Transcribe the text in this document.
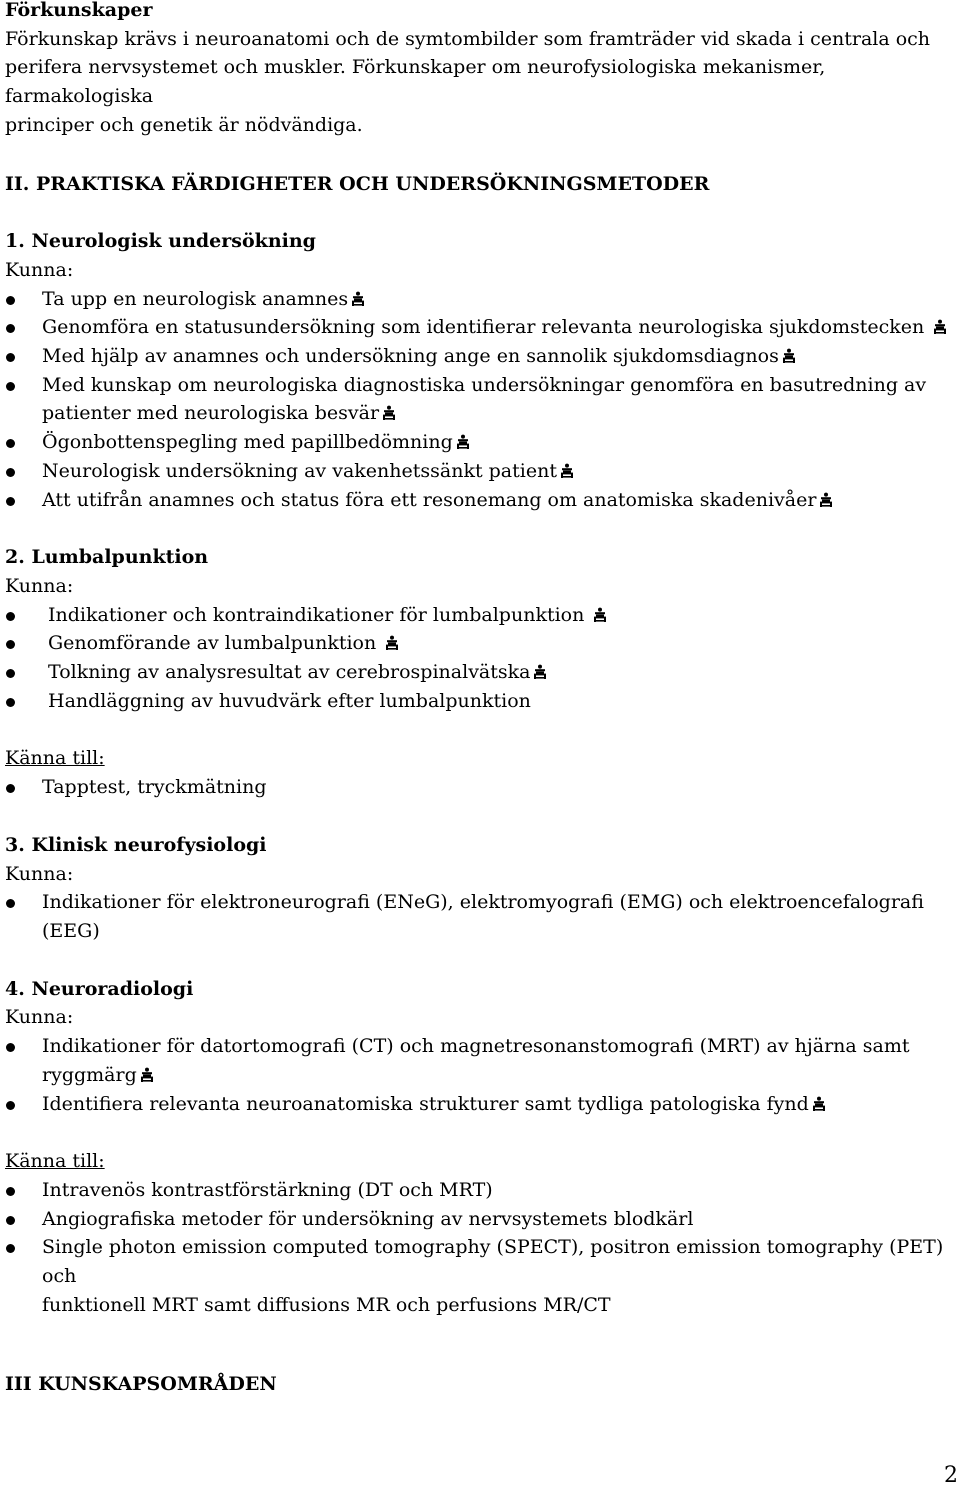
Förkunskaper
Förkunskap krävs i neuroanatomi och de symtombilder som framträder vid skada i centrala och
perifera nervsystemet och muskler. Förkunskaper om neurofysiologiska mekanismer, farmakologiska
principer och genetik är nödvändiga.
II. PRAKTISKA FÄRDIGHETER OCH UNDERSÖKNINGSMETODER
1. Neurologisk undersökning
Kunna:
Ta upp en neurologisk anamnes
Genomföra en statusundersökning som identifierar relevanta neurologiska sjukdomstecken
Med hjälp av anamnes och undersökning ange en sannolik sjukdomsdiagnos
Med kunskap om neurologiska diagnostiska undersökningar genomföra en basutredning av
patienter med neurologiska besvär
Ögonbottenspegling med papillbedömning
Neurologisk undersökning av vakenhetssänkt patient
Att utifrån anamnes och status föra ett resonemang om anatomiska skadenivåer
2. Lumbalpunktion
Kunna:
Indikationer och kontraindikationer för lumbalpunktion
Genomförande av lumbalpunktion
Tolkning av analysresultat av cerebrospinalvätska
Handläggning av huvudvärk efter lumbalpunktion
Känna till:
Tapptest, tryckmätning
3. Klinisk neurofysiologi
Kunna:
Indikationer för elektroneurografi (ENeG), elektromyografi (EMG) och elektroencefalografi (EEG)
4. Neuroradiologi
Kunna:
Indikationer för datortomografi (CT) och magnetresonanstomografi (MRT) av hjärna samt
ryggmärg
Identifiera relevanta neuroanatomiska strukturer samt tydliga patologiska fynd
Känna till:
Intravenös kontrastförstärkning (DT och MRT)
Angiografiska metoder för undersökning av nervsystemets blodkärl
Single photon emission computed tomography (SPECT), positron emission tomography (PET) och
funktionell MRT samt diffusions MR och perfusions MR/CT
III KUNSKAPSOMRÅDEN
2
